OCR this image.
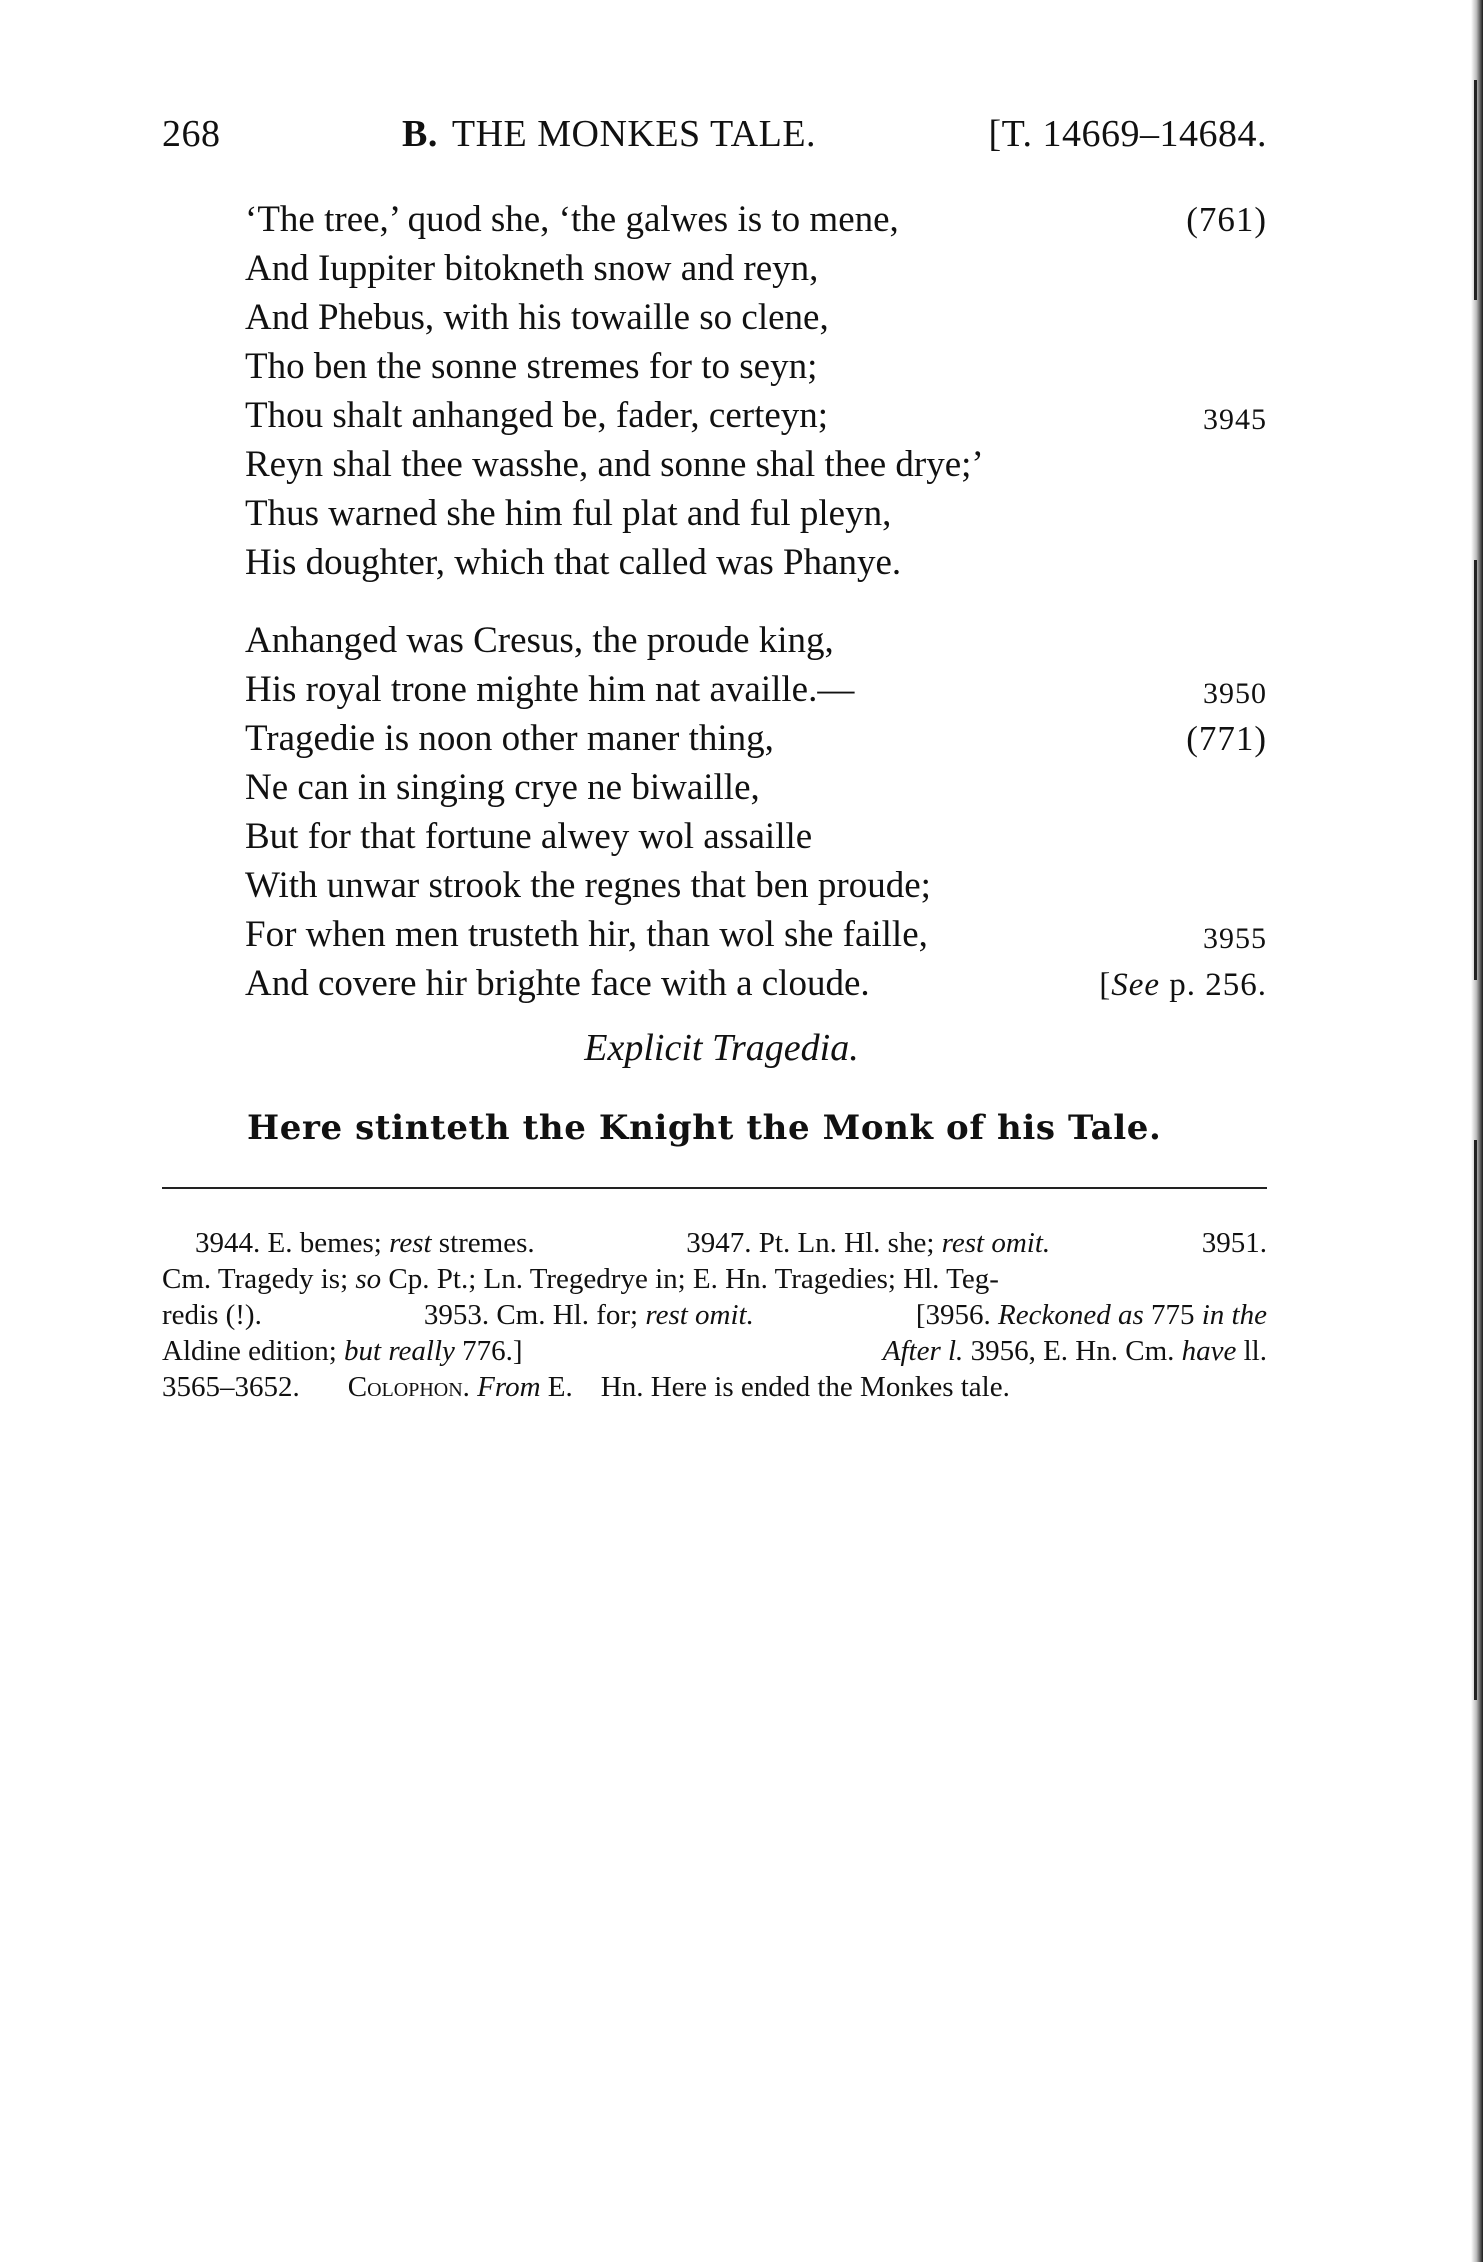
268	B. THE MONKES TALE.	[T. 14669–14684.
‘The tree,’ quod she, ‘the galwes is to mene,	(761)
And Iuppiter bitokneth snow and reyn,
And Phebus, with his towaille so clene,
Tho ben the sonne stremes for to seyn;
Thou shalt anhanged be, fader, certeyn;	3945
Reyn shal thee wasshe, and sonne shal thee drye;’
Thus warned she him ful plat and ful pleyn,
His doughter, which that called was Phanye.
Anhanged was Cresus, the proude king,
His royal trone mighte him nat availle.—	3950
Tragedie is noon other maner thing,	(771)
Ne can in singing crye ne biwaille,
But for that fortune alwey wol assaille
With unwar strook the regnes that ben proude;
For when men trusteth hir, than wol she faille,	3955
And covere hir brighte face with a cloude.	[See p. 256.
Explicit Tragedia.
Here stinteth the Knight the Monk of his Tale.
3944. E. bemes; rest stremes.	3947. Pt. Ln. Hl. she; rest omit.	3951.
Cm. Tragedy is; so Cp. Pt.; Ln. Tregedrye in; E. Hn. Tragedies; Hl. Teg-
redis (!).	3953. Cm. Hl. for; rest omit.	[3956. Reckoned as 775 in the
Aldine edition; but really 776.]	After l. 3956, E. Hn. Cm. have ll.
3565–3652. Colophon. From E. Hn. Here is ended the Monkes tale.
